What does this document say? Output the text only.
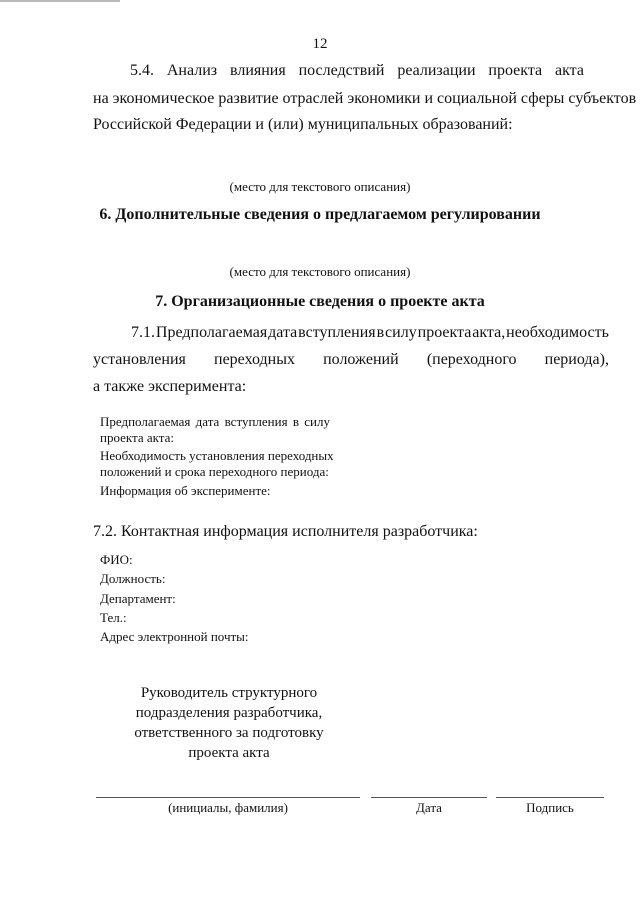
12
5.4. Анализ влияния последствий реализации проекта акта
на экономическое развитие отраслей экономики и социальной сферы субъектов
Российской Федерации и (или) муниципальных образований:
(место для текстового описания)
6. Дополнительные сведения о предлагаемом регулировании
(место для текстового описания)
7. Организационные сведения о проекте акта
7.1. Предполагаемая дата вступления в силу проекта акта, необходимость
установления переходных положений (переходного периода),
а также эксперимента:
Предполагаемая дата вступления в силу
проекта акта:
Необходимость установления переходных
положений и срока переходного периода:
Информация об эксперименте:
7.2. Контактная информация исполнителя разработчика:
ФИО:
Должность:
Департамент:
Тел.:
Адрес электронной почты:
Руководитель структурного
подразделения разработчика,
ответственного за подготовку
проекта акта
(инициалы, фамилия)	Дата	Подпись
